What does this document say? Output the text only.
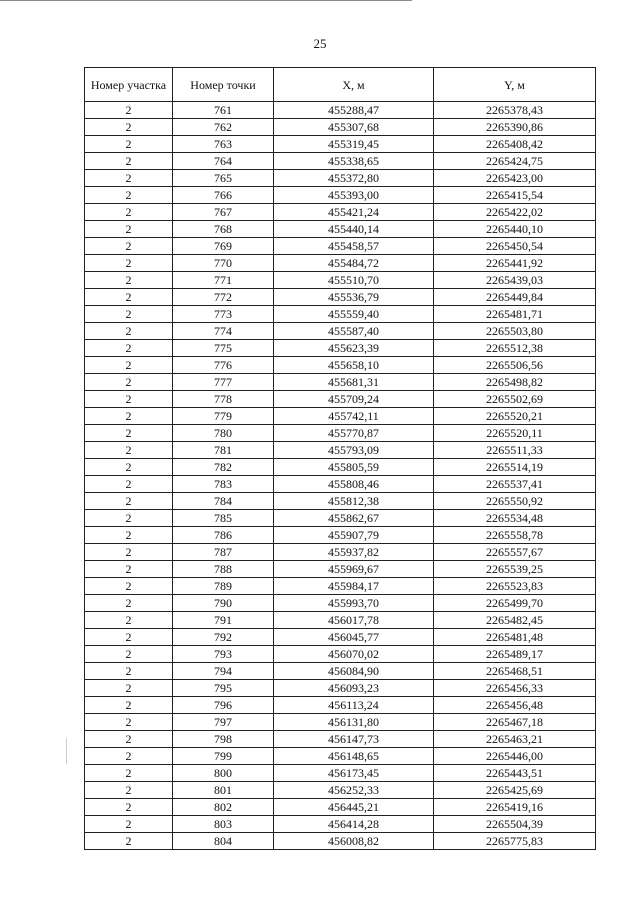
25
Номер участка	Номер точки	X, м	Y, м
2	761	455288,47	2265378,43
2	762	455307,68	2265390,86
2	763	455319,45	2265408,42
2	764	455338,65	2265424,75
2	765	455372,80	2265423,00
2	766	455393,00	2265415,54
2	767	455421,24	2265422,02
2	768	455440,14	2265440,10
2	769	455458,57	2265450,54
2	770	455484,72	2265441,92
2	771	455510,70	2265439,03
2	772	455536,79	2265449,84
2	773	455559,40	2265481,71
2	774	455587,40	2265503,80
2	775	455623,39	2265512,38
2	776	455658,10	2265506,56
2	777	455681,31	2265498,82
2	778	455709,24	2265502,69
2	779	455742,11	2265520,21
2	780	455770,87	2265520,11
2	781	455793,09	2265511,33
2	782	455805,59	2265514,19
2	783	455808,46	2265537,41
2	784	455812,38	2265550,92
2	785	455862,67	2265534,48
2	786	455907,79	2265558,78
2	787	455937,82	2265557,67
2	788	455969,67	2265539,25
2	789	455984,17	2265523,83
2	790	455993,70	2265499,70
2	791	456017,78	2265482,45
2	792	456045,77	2265481,48
2	793	456070,02	2265489,17
2	794	456084,90	2265468,51
2	795	456093,23	2265456,33
2	796	456113,24	2265456,48
2	797	456131,80	2265467,18
2	798	456147,73	2265463,21
2	799	456148,65	2265446,00
2	800	456173,45	2265443,51
2	801	456252,33	2265425,69
2	802	456445,21	2265419,16
2	803	456414,28	2265504,39
2	804	456008,82	2265775,83
